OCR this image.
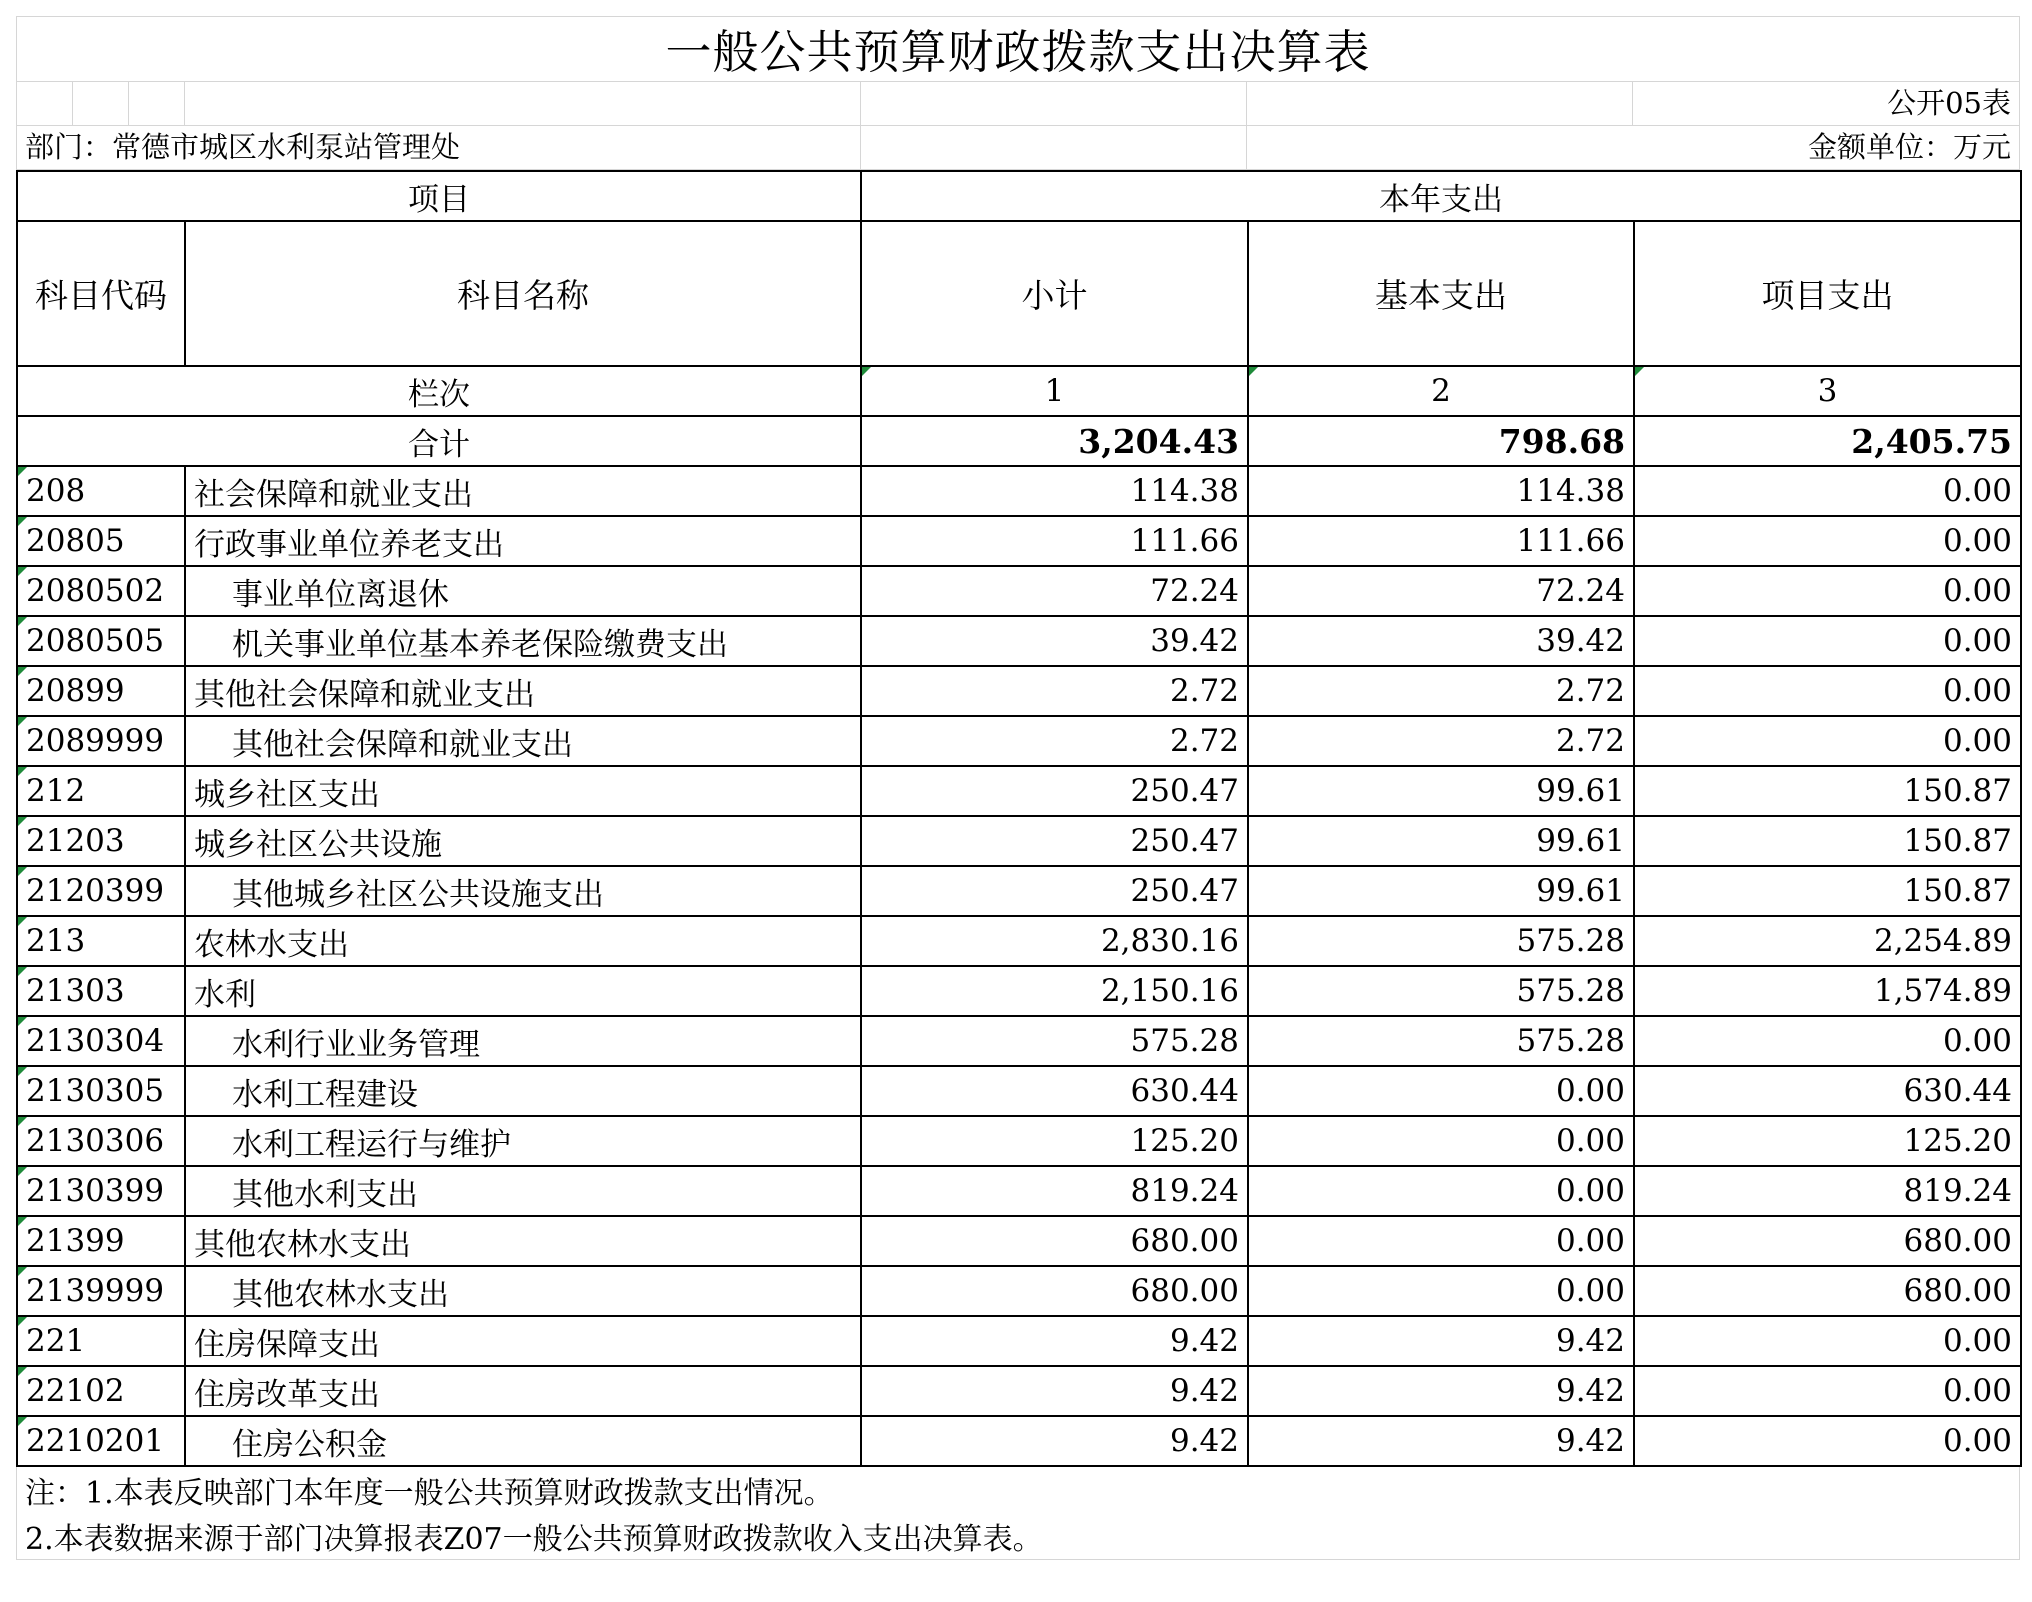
一般公共预算财政拨款支出决算表
公开05表
部门：常德市城区水利泵站管理处	金额单位：万元
项目		本年支出		
科目代码	科目名称	小计	基本支出	项目支出
栏次		1	2	3
合计		3,204.43	798.68	2,405.75
208	社会保障和就业支出	114.38	114.38	0.00
20805	行政事业单位养老支出	111.66	111.66	0.00
2080502	事业单位离退休	72.24	72.24	0.00
2080505	机关事业单位基本养老保险缴费支出	39.42	39.42	0.00
20899	其他社会保障和就业支出	2.72	2.72	0.00
2089999	其他社会保障和就业支出	2.72	2.72	0.00
212	城乡社区支出	250.47	99.61	150.87
21203	城乡社区公共设施	250.47	99.61	150.87
2120399	其他城乡社区公共设施支出	250.47	99.61	150.87
213	农林水支出	2,830.16	575.28	2,254.89
21303	水利	2,150.16	575.28	1,574.89
2130304	水利行业业务管理	575.28	575.28	0.00
2130305	水利工程建设	630.44	0.00	630.44
2130306	水利工程运行与维护	125.20	0.00	125.20
2130399	其他水利支出	819.24	0.00	819.24
21399	其他农林水支出	680.00	0.00	680.00
2139999	其他农林水支出	680.00	0.00	680.00
221	住房保障支出	9.42	9.42	0.00
22102	住房改革支出	9.42	9.42	0.00
2210201	住房公积金	9.42	9.42	0.00
注：1.本表反映部门本年度一般公共预算财政拨款支出情况。
2.本表数据来源于部门决算报表Z07一般公共预算财政拨款收入支出决算表。
